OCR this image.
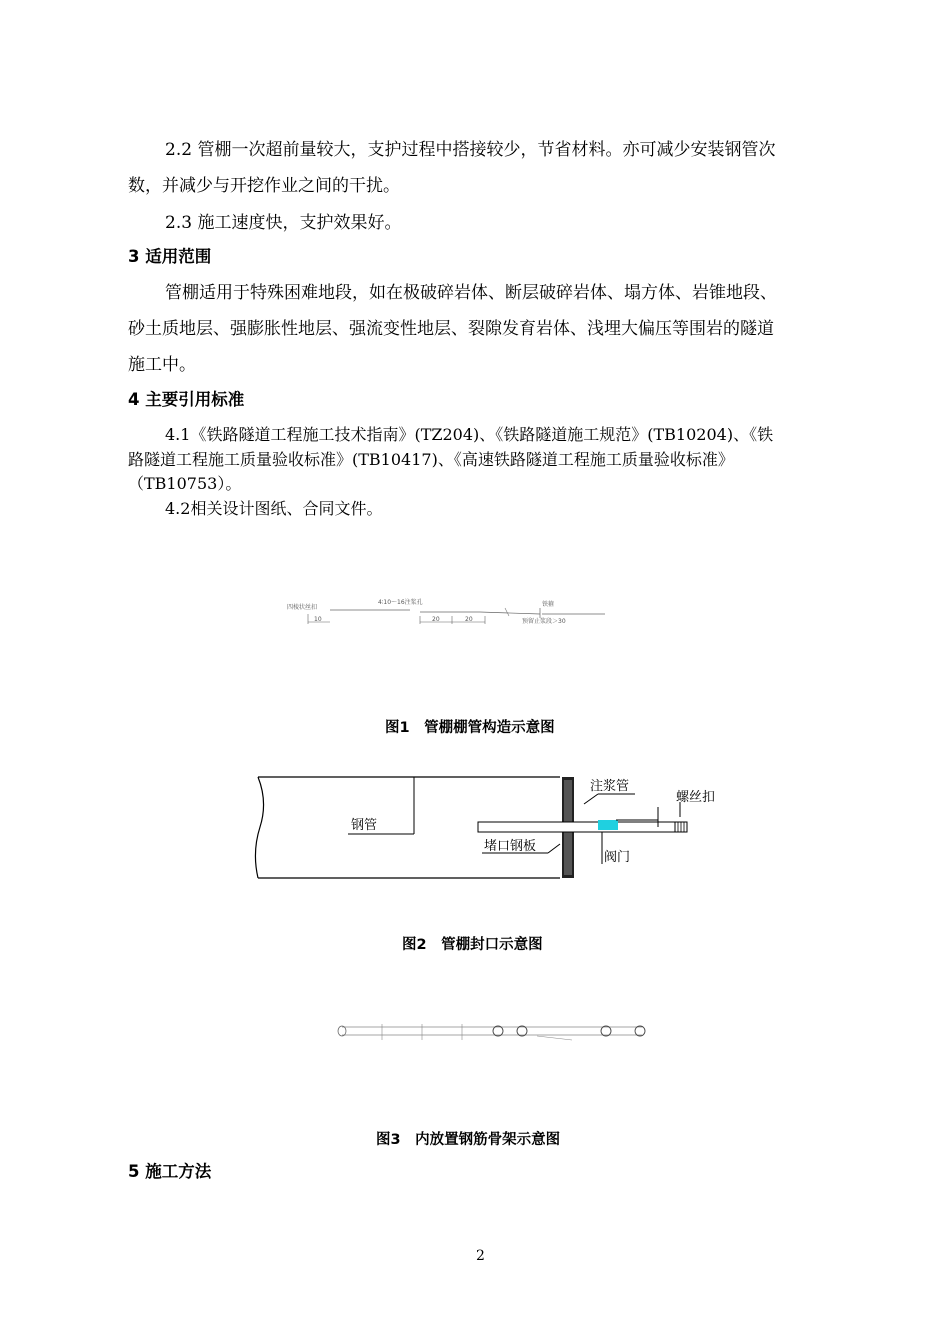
2.2 管棚一次超前量较大，支护过程中搭接较少，节省材料。亦可减少安装钢管次
数，并减少与开挖作业之间的干扰。
2.3 施工速度快，支护效果好。
3 适用范围
管棚适用于特殊困难地段，如在极破碎岩体、断层破碎岩体、塌方体、岩锥地段、
砂土质地层、强膨胀性地层、强流变性地层、裂隙发育岩体、浅埋大偏压等围岩的隧道
施工中。
4 主要引用标准
4.1《铁路隧道工程施工技术指南》(TZ204)、《铁路隧道施工规范》(TB10204)、《铁
路隧道工程施工质量验收标准》(TB10417)、《高速铁路隧道工程施工质量验收标准》
（TB10753）。
4.2相关设计图纸、合同文件。
四棱状丝扣
4∶10～16注浆孔	铁箍
预留止浆段＞30
10	20	20
图1　管棚棚管构造示意图
钢管
注浆管
螺丝扣
堵口钢板
阀门
图2　管棚封口示意图
图3　内放置钢筋骨架示意图
5 施工方法
2
